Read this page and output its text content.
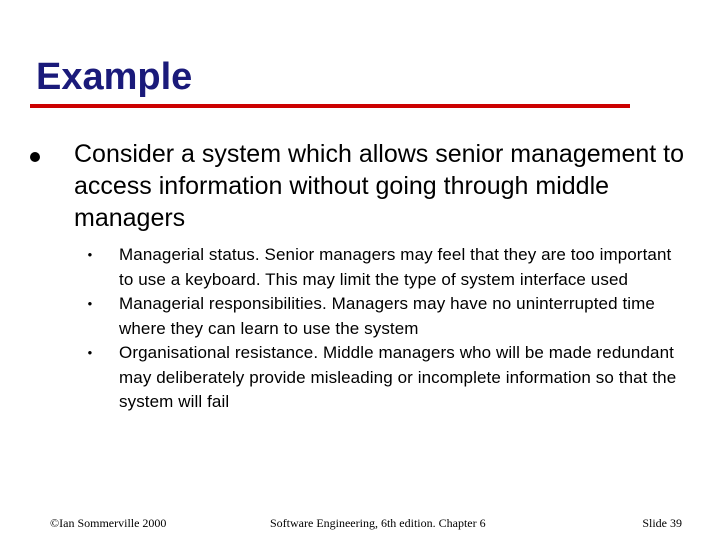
Example
Consider a system which allows senior management to access information without going through middle managers
•	Managerial status. Senior managers may feel that they are too important to use a keyboard. This may limit the type of system interface used
•	Managerial responsibilities. Managers may have no uninterrupted time where they can learn to use the system
•	Organisational resistance. Middle managers who will be made redundant may deliberately provide misleading or incomplete information so that the system will fail
©Ian Sommerville 2000	Software Engineering, 6th edition. Chapter 6	Slide 39
